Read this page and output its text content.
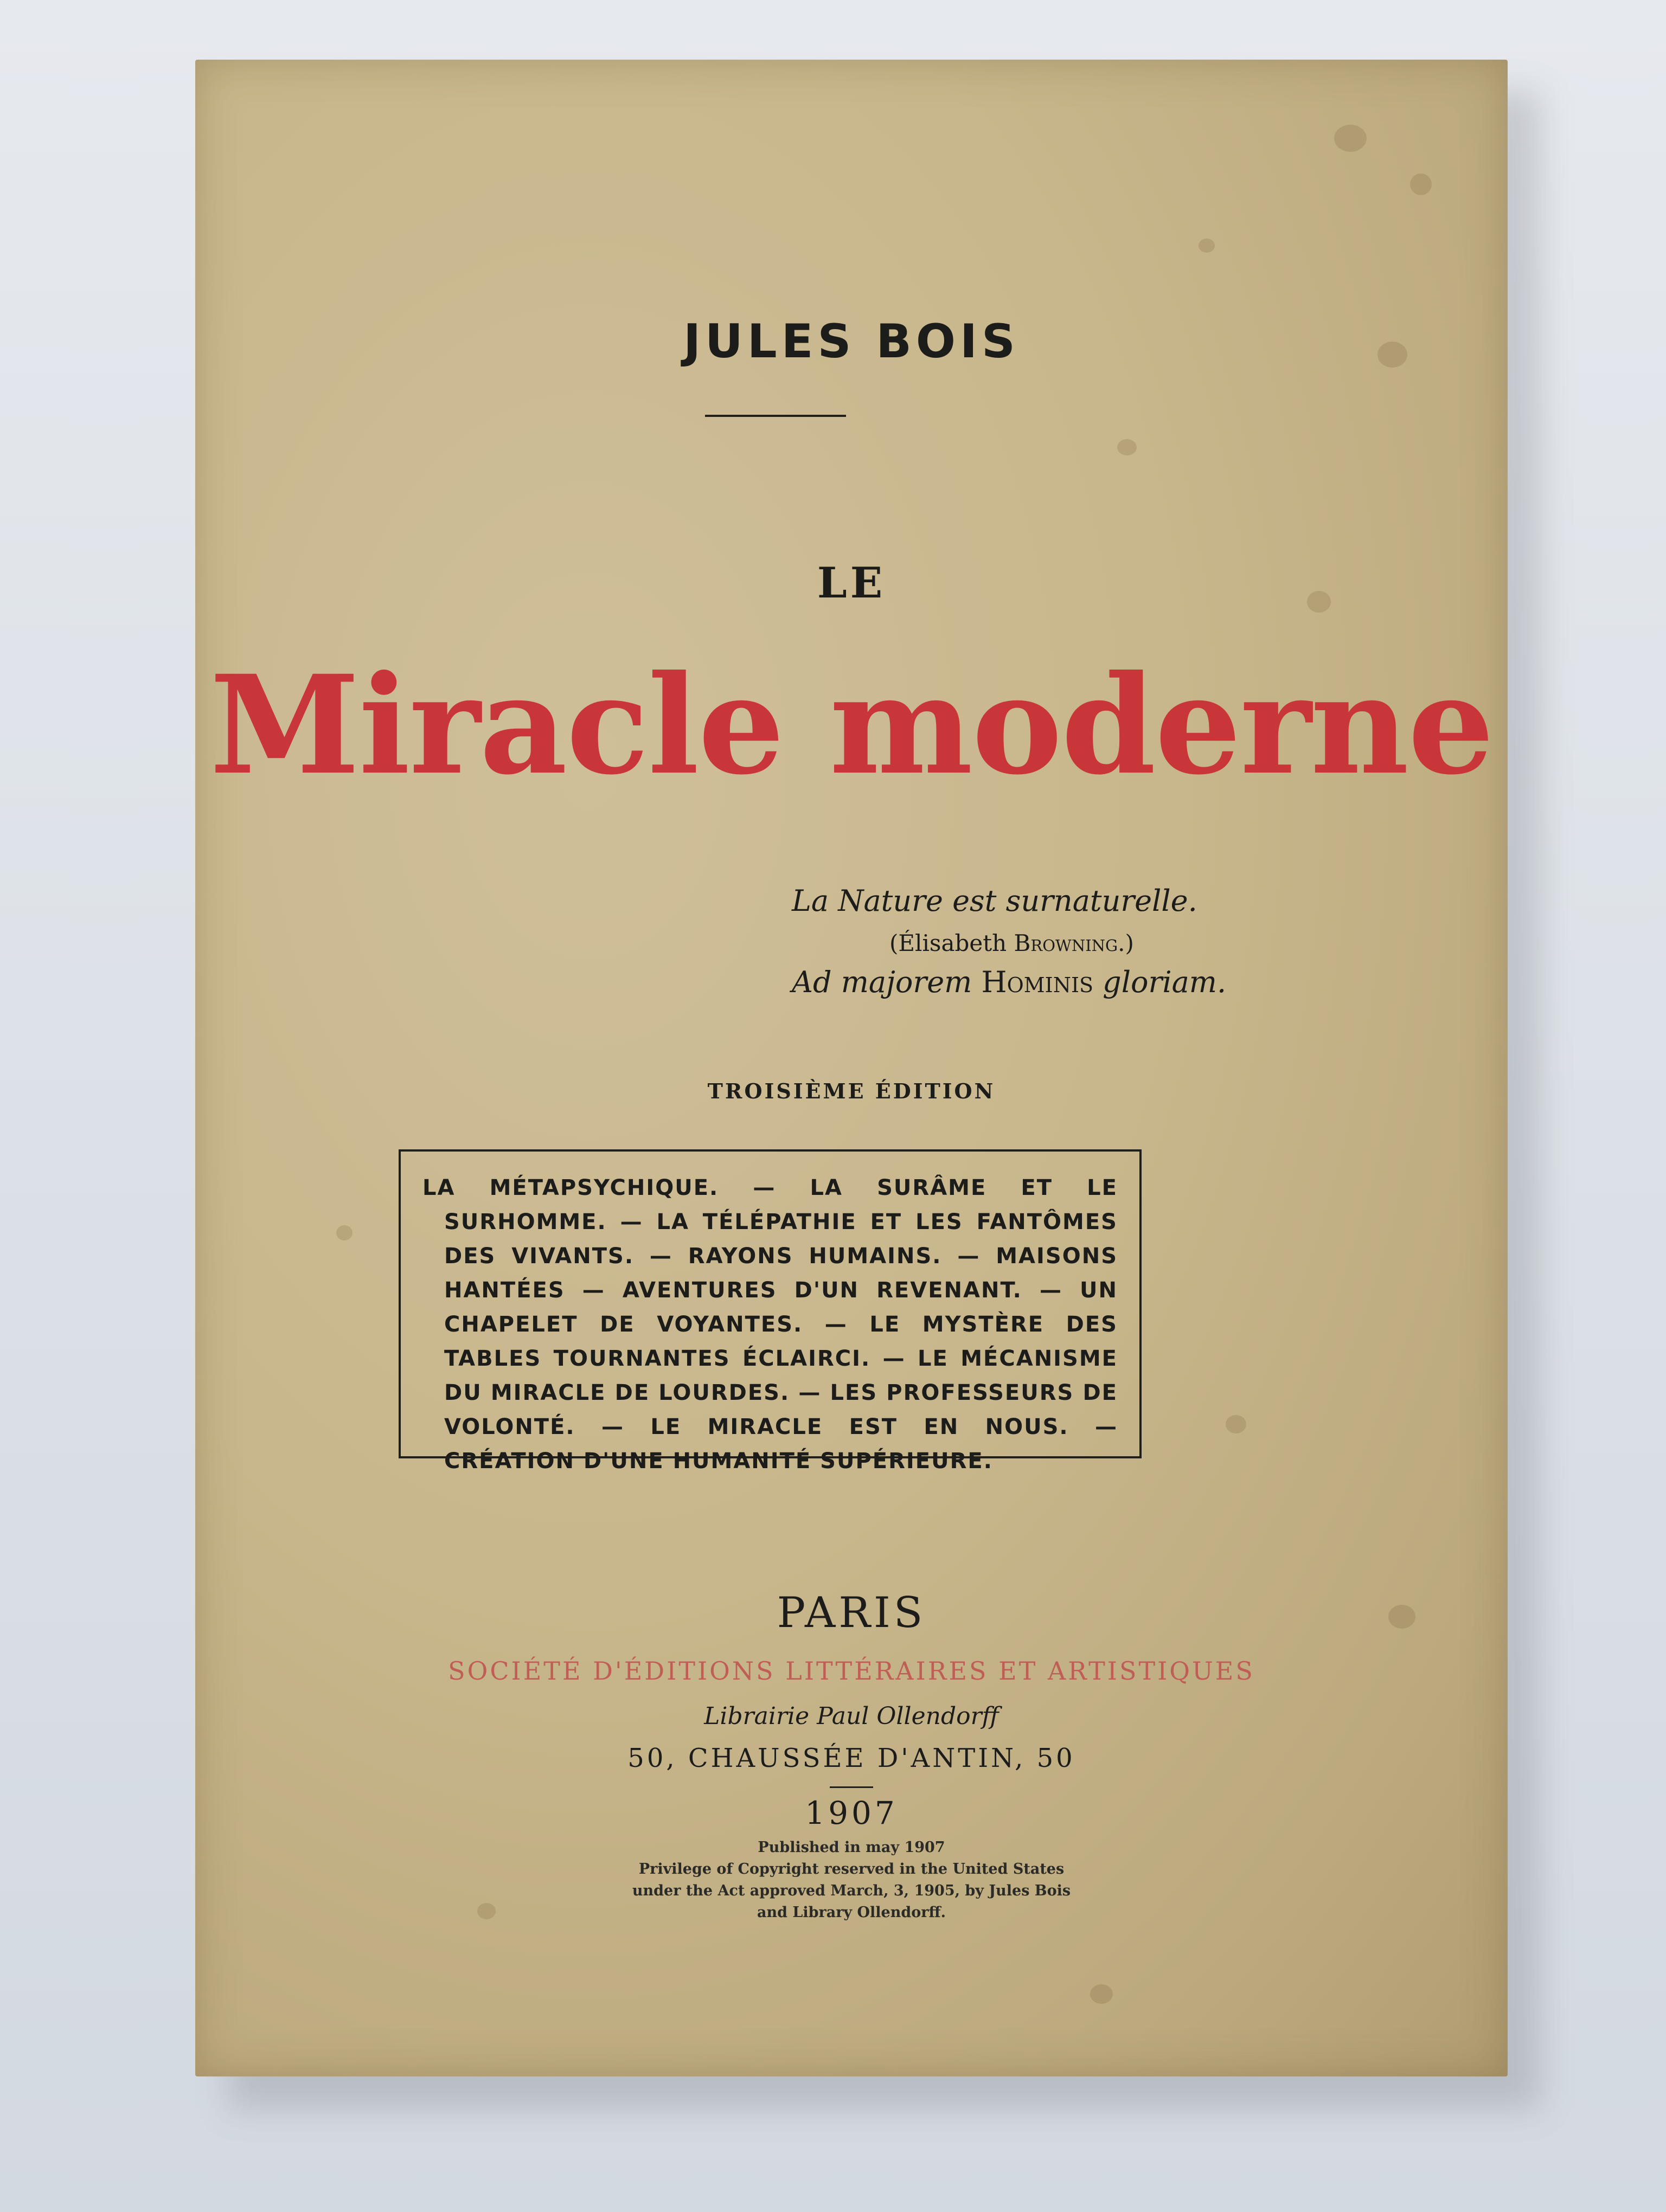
JULES BOIS
LE
Miracle moderne
La Nature est surnaturelle.
(Élisabeth Browning.)
Ad majorem Hominis gloriam.
TROISIÈME ÉDITION

LA MÉTAPSYCHIQUE. — LA SURÂME ET LE SURHOMME. — LA TÉLÉPATHIE ET LES FANTÔMES DES VIVANTS. — RAYONS HUMAINS. — MAISONS HANTÉES — AVENTURES D'UN REVENANT. — UN CHAPELET DE VOYANTES. — LE MYSTÈRE DES TABLES TOURNANTES ÉCLAIRCI. — LE MÉCANISME DU MIRACLE DE LOURDES. — LES PROFESSEURS DE VOLONTÉ. — LE MIRACLE EST EN NOUS. — CRÉATION D'UNE HUMANITÉ SUPÉRIEURE.

PARIS
SOCIÉTÉ D'ÉDITIONS LITTÉRAIRES ET ARTISTIQUES
Librairie Paul Ollendorff
50, CHAUSSÉE D'ANTIN, 50
1907
Published in may 1907
Privilege of Copyright reserved in the United States
under the Act approved March, 3, 1905, by Jules Bois
and Library Ollendorff.
